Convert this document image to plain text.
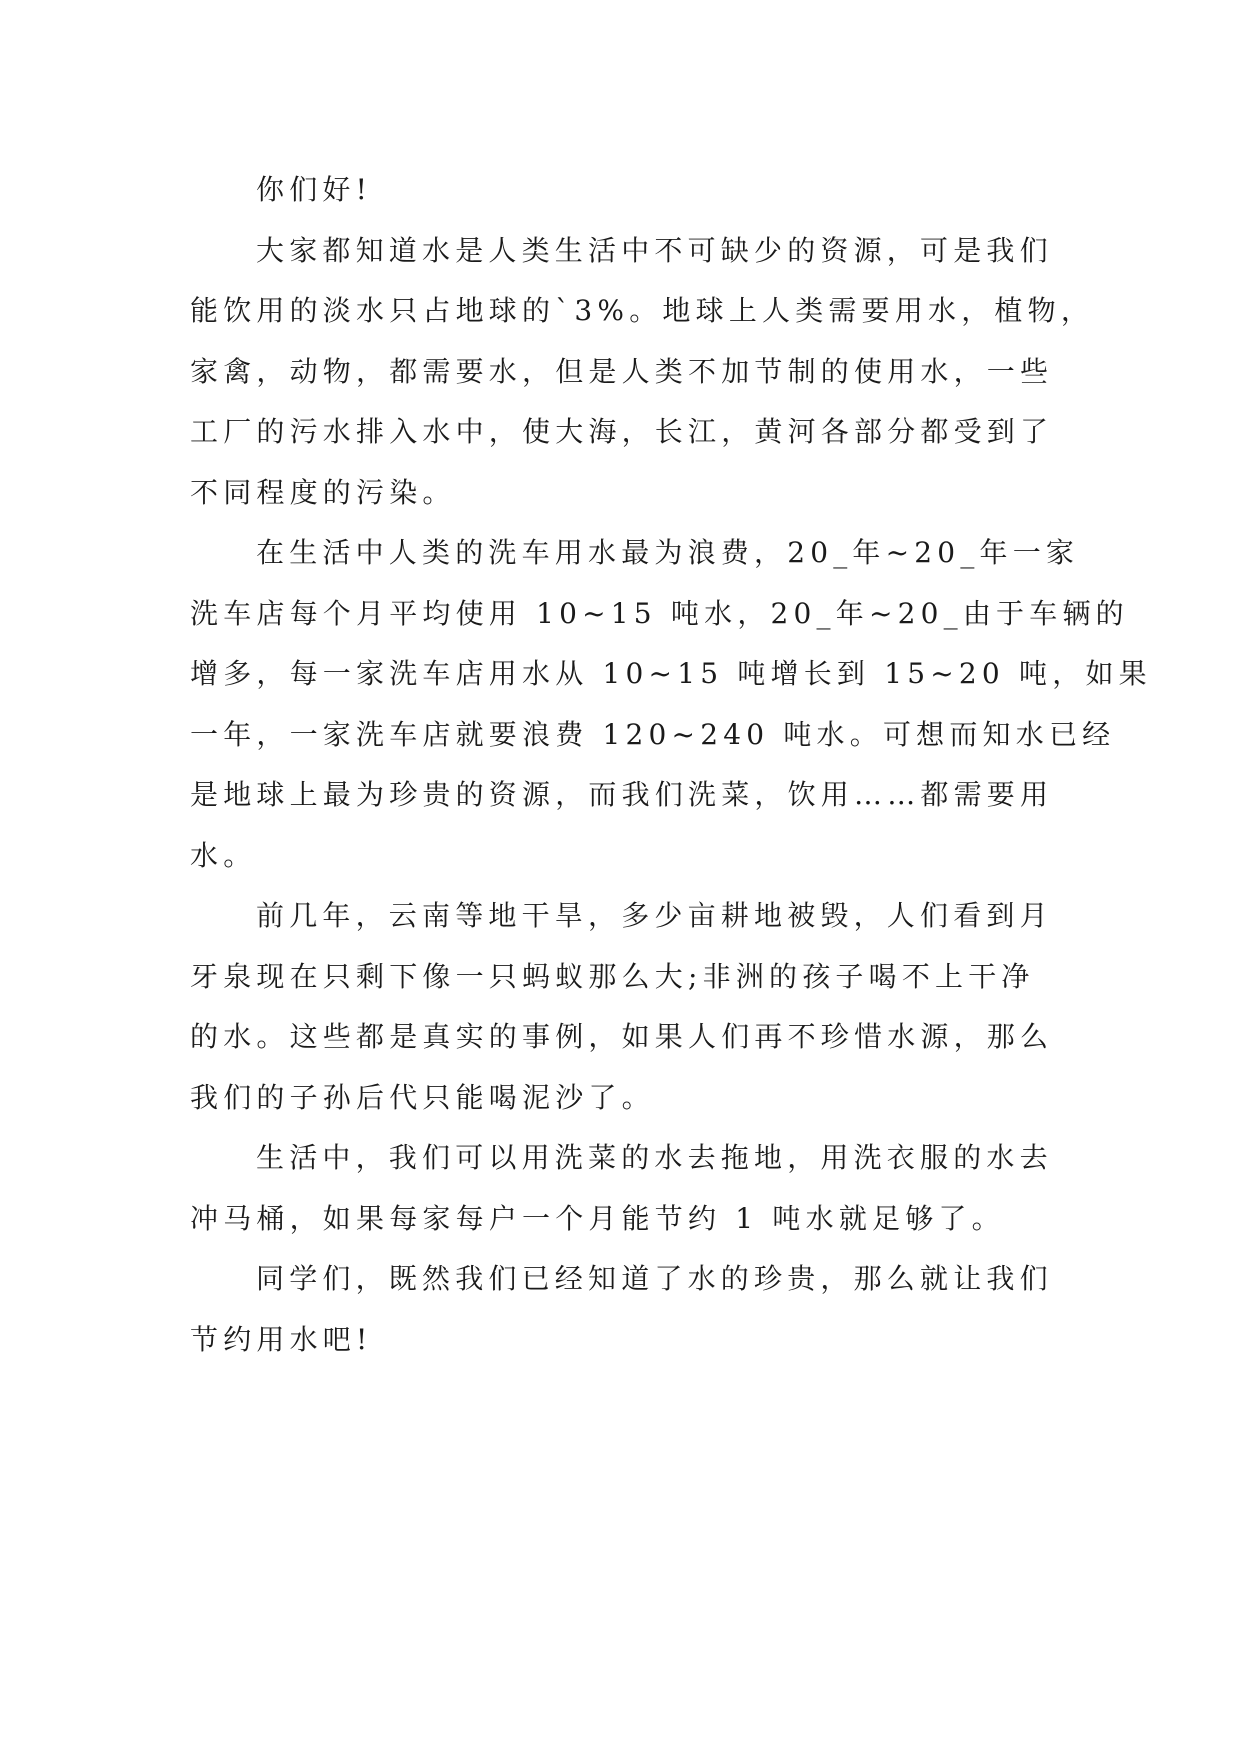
你们好!

大家都知道水是人类生活中不可缺少的资源，可是我们
能饮用的淡水只占地球的`3%。地球上人类需要用水，植物，
家禽，动物，都需要水，但是人类不加节制的使用水，一些
工厂的污水排入水中，使大海，长江，黄河各部分都受到了
不同程度的污染。

在生活中人类的洗车用水最为浪费，20_年~20_年一家
洗车店每个月平均使用 10~15 吨水，20_年~20_由于车辆的
增多，每一家洗车店用水从 10~15 吨增长到 15~20 吨，如果
一年，一家洗车店就要浪费 120~240 吨水。可想而知水已经
是地球上最为珍贵的资源，而我们洗菜，饮用……都需要用
水。

前几年，云南等地干旱，多少亩耕地被毁，人们看到月
牙泉现在只剩下像一只蚂蚁那么大;非洲的孩子喝不上干净
的水。这些都是真实的事例，如果人们再不珍惜水源，那么
我们的子孙后代只能喝泥沙了。

生活中，我们可以用洗菜的水去拖地，用洗衣服的水去
冲马桶，如果每家每户一个月能节约 1 吨水就足够了。

同学们，既然我们已经知道了水的珍贵，那么就让我们
节约用水吧!
